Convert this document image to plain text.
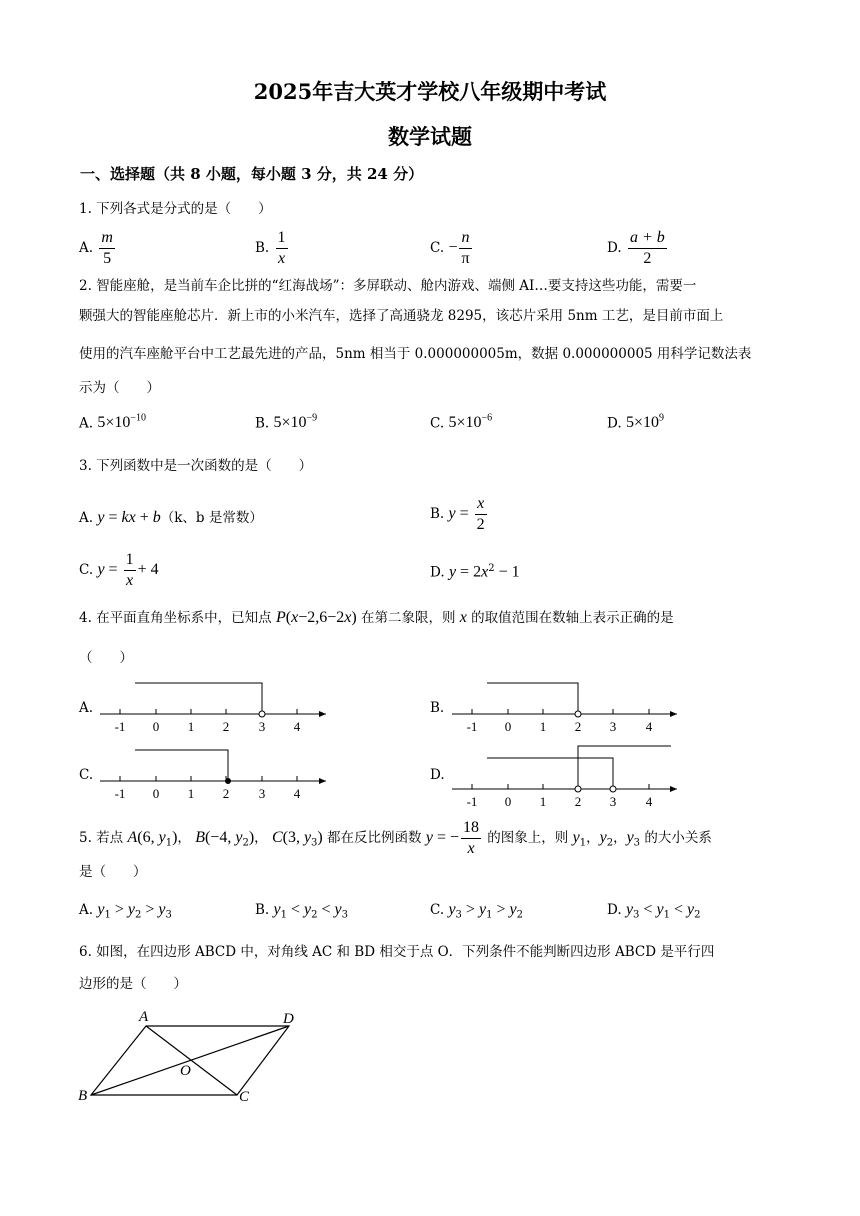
2025年吉大英才学校八年级期中考试
数学试题
一、选择题（共 8 小题，每小题 3 分，共 24 分）
1. 下列各式是分式的是（　　）
A. $\frac{m}{5}$	B. $\frac{1}{x}$	C. − $\frac{n}{\pi}$	D. $\frac{a + b}{2}$
2. 智能座舱，是当前车企比拼的“红海战场”：多屏联动、舱内游戏、端侧 AI…要支持这些功能，需要一
颗强大的智能座舱芯片．新上市的小米汽车，选择了高通骁龙 8295，该芯片采用 5nm 工艺，是目前市面上
使用的汽车座舱平台中工艺最先进的产品，5nm 相当于 0.000000005m，数据 0.000000005 用科学记数法表
示为（　　）
A. $5\times 10^{-10}$	B. $5\times 10^{-9}$	C. $5\times 10^{-6}$	D. $5\times 10^9$
3. 下列函数中是一次函数的是（　　）
A. y = kx + b（k、b 是常数）	B. $y = \frac{x}{2}$
C. $y = \frac{1}{x} + 4$	D. $y = 2x^2 - 1$
4. 在平面直角坐标系中，已知点 P(x−2,6−2x) 在第二象限，则 x 的取值范围在数轴上表示正确的是
（　　）
A.	B.
C.	D.
-1 0 1 2 3 4	-1 0 1 2 3 4
-1 0 1 2 3 4
-1 0 1 2 3 4
A	D
B	C
O
5. 若点 A(6, $y_1$)， B(−4, $y_2$)， C(3, $y_3$) 都在反比例函数 y = − $\frac{18}{x}$ 的图象上，则 $y_1$，$y_2$，$y_3$ 的大小关系
是（　　）
A. $y_1 > y_2 > y_3$	B. $y_1 < y_2 < y_3$	C. $y_3 > y_1 > y_2$	D. $y_3 < y_1 < y_2$
6. 如图，在四边形 ABCD 中，对角线 AC 和 BD 相交于点 O．下列条件不能判断四边形 ABCD 是平行四
边形的是（　　）
